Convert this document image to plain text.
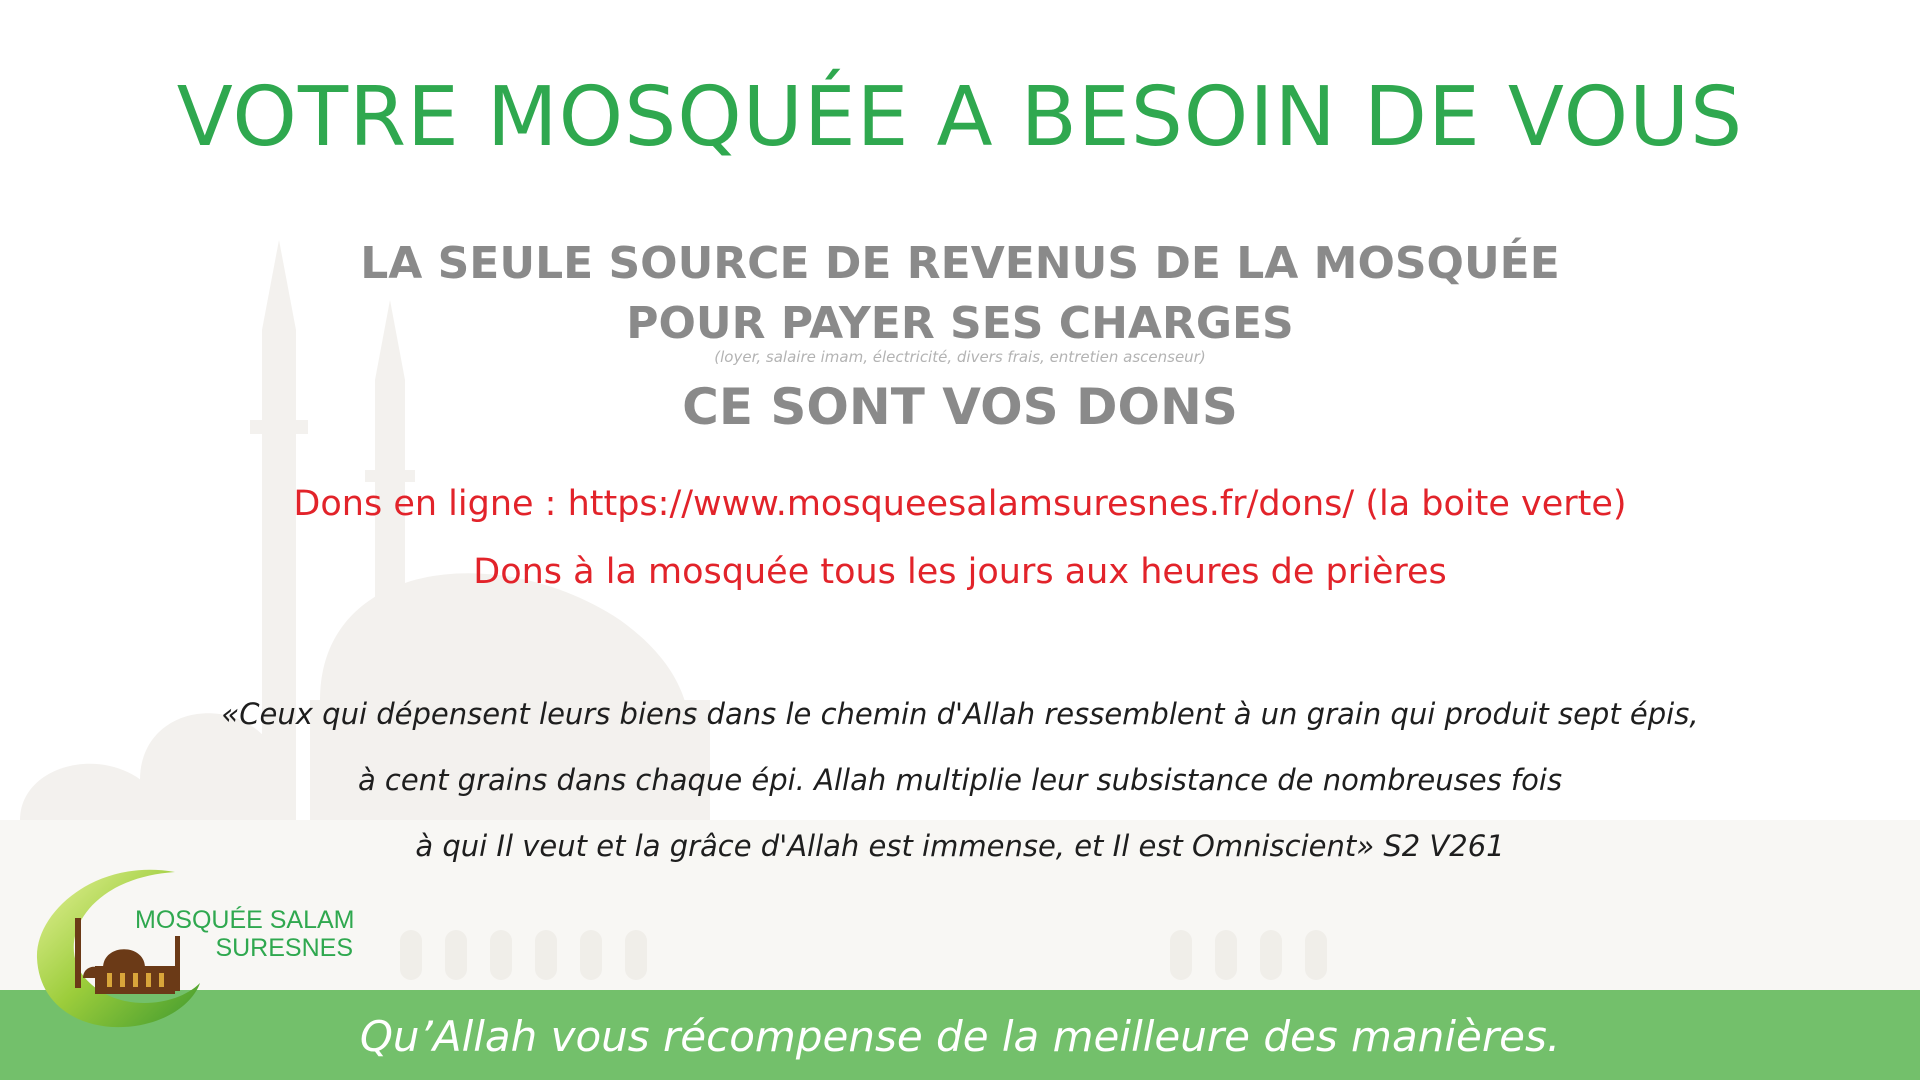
VOTRE MOSQUÉE A BESOIN DE VOUS
LA SEULE SOURCE DE REVENUS DE LA MOSQUÉE
POUR PAYER SES CHARGES
(loyer, salaire imam, électricité, divers frais, entretien ascenseur)
CE SONT VOS DONS
Dons en ligne : https://www.mosqueesalamsuresnes.fr/dons/ (la boite verte)
Dons à la mosquée tous les jours aux heures de prières
«Ceux qui dépensent leurs biens dans le chemin d'Allah ressemblent à un grain qui produit sept épis,
à cent grains dans chaque épi. Allah multiplie leur subsistance de nombreuses fois
à qui Il veut et la grâce d'Allah est immense, et Il est Omniscient» S2 V261
MOSQUÉE SALAM
SURESNES
Qu’Allah vous récompense de la meilleure des manières.
